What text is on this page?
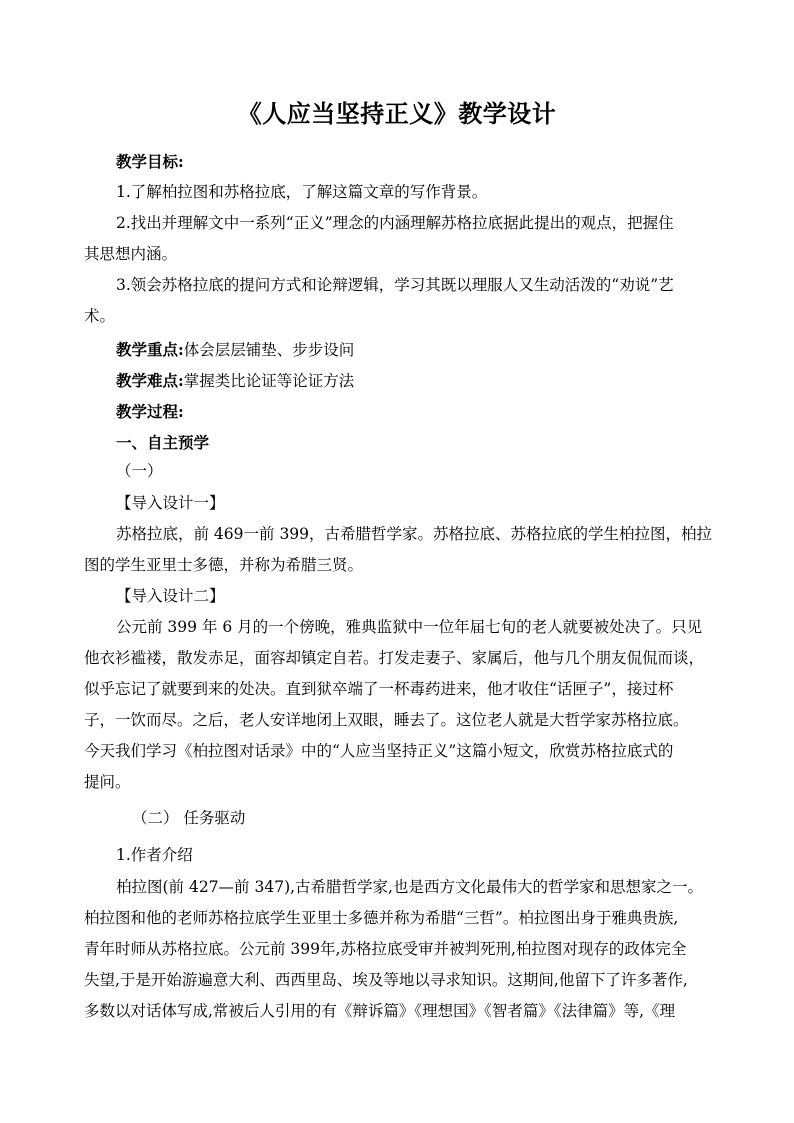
《人应当坚持正义》教学设计
教学目标:
1.了解柏拉图和苏格拉底，了解这篇文章的写作背景。
2.找出并理解文中一系列“正义”理念的内涵理解苏格拉底据此提出的观点，把握住
其思想内涵。
3.领会苏格拉底的提问方式和论辩逻辑，学习其既以理服人又生动活泼的“劝说”艺
术。
教学重点:体会层层铺垫、步步设问
教学难点:掌握类比论证等论证方法
教学过程:
一、自主预学
（一）
【导入设计一】
苏格拉底，前 469一前 399，古希腊哲学家。苏格拉底、苏格拉底的学生柏拉图，柏拉
图的学生亚里士多德，并称为希腊三贤。
【导入设计二】
公元前 399 年 6 月的一个傍晚，雅典监狱中一位年届七旬的老人就要被处决了。只见
他衣衫褴褛，散发赤足，面容却镇定自若。打发走妻子、家属后，他与几个朋友侃侃而谈，
似乎忘记了就要到来的处决。直到狱卒端了一杯毒药进来，他才收住“话匣子”，接过杯
子，一饮而尽。之后，老人安详地闭上双眼，睡去了。这位老人就是大哲学家苏格拉底。
今天我们学习《柏拉图对话录》中的“人应当坚持正义”这篇小短文，欣赏苏格拉底式的
提问。
（二） 任务驱动
1.作者介绍
柏拉图(前 427—前 347),古希腊哲学家,也是西方文化最伟大的哲学家和思想家之一。
柏拉图和他的老师苏格拉底学生亚里士多德并称为希腊“三哲”。柏拉图出身于雅典贵族,
青年时师从苏格拉底。公元前 399年,苏格拉底受审并被判死刑,柏拉图对现存的政体完全
失望,于是开始游遍意大利、西西里岛、埃及等地以寻求知识。这期间,他留下了许多著作,
多数以对话体写成,常被后人引用的有《辩诉篇》《理想国》《智者篇》《法律篇》等,《理
